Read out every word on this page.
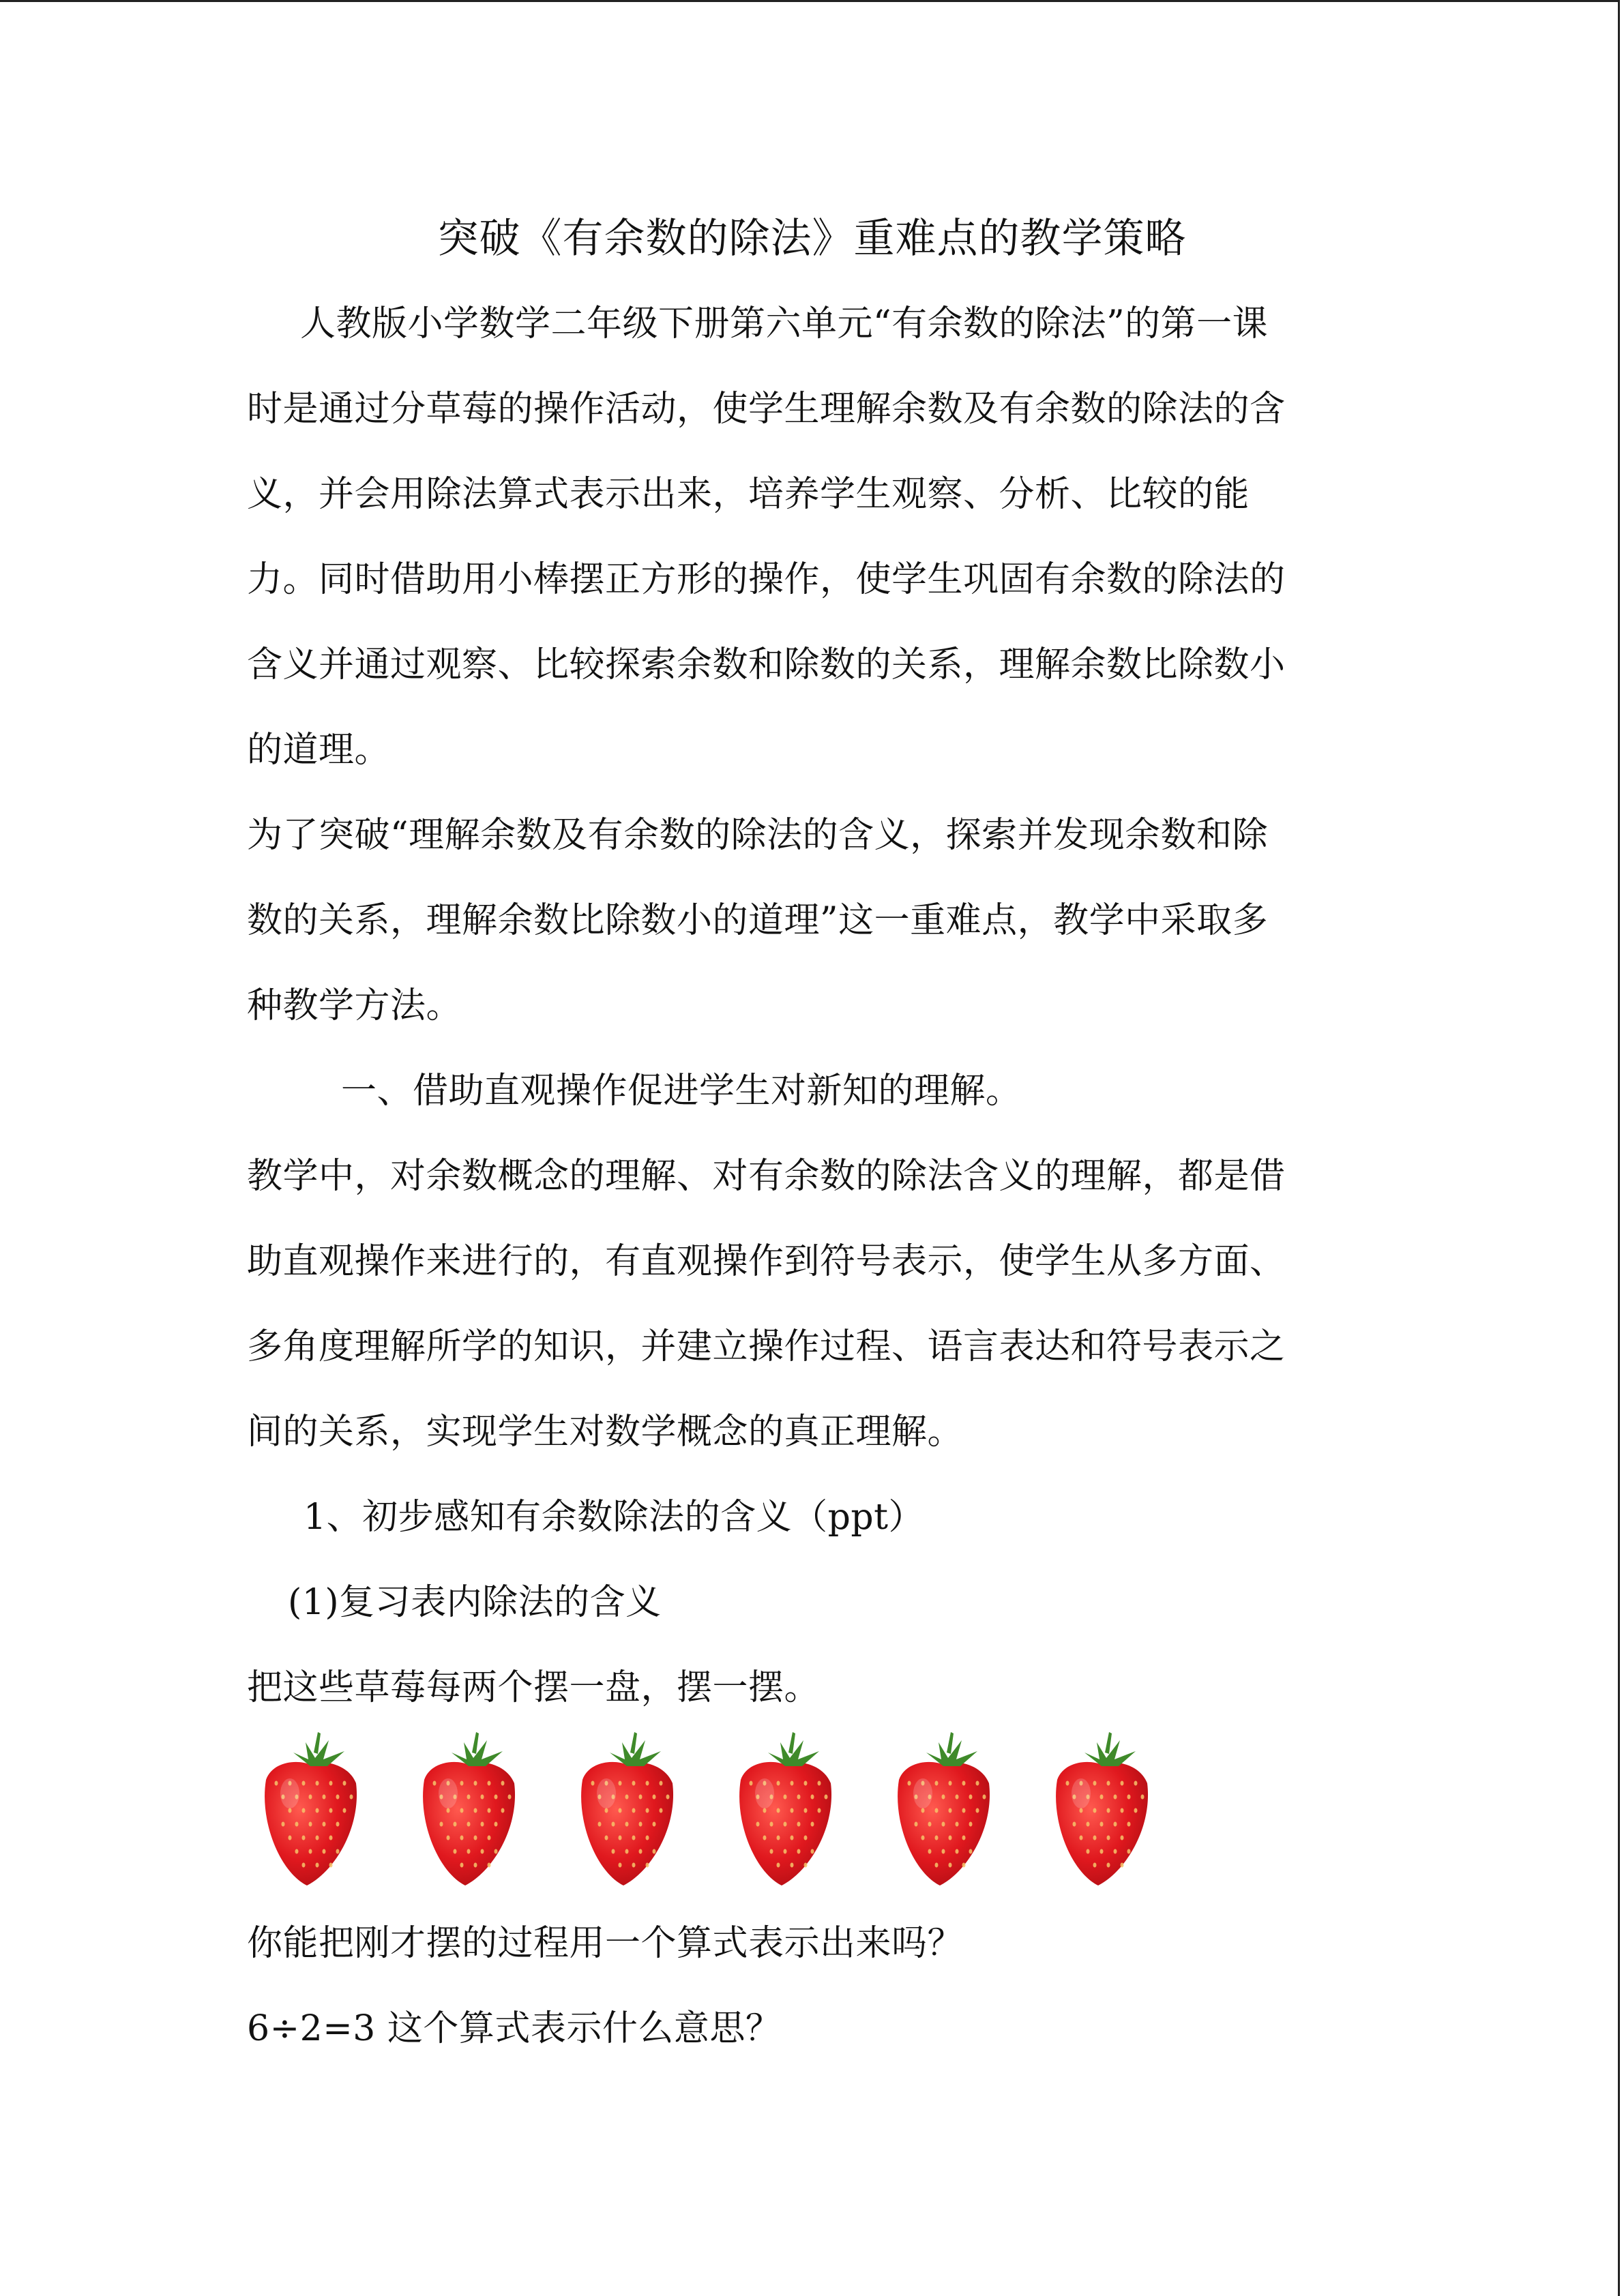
突破《有余数的除法》重难点的教学策略
人教版小学数学二年级下册第六单元“有余数的除法”的第一课
时是通过分草莓的操作活动，使学生理解余数及有余数的除法的含
义，并会用除法算式表示出来，培养学生观察、分析、比较的能
力。同时借助用小棒摆正方形的操作，使学生巩固有余数的除法的
含义并通过观察、比较探索余数和除数的关系，理解余数比除数小
的道理。
为了突破“理解余数及有余数的除法的含义，探索并发现余数和除
数的关系，理解余数比除数小的道理”这一重难点，教学中采取多
种教学方法。
一、借助直观操作促进学生对新知的理解。
教学中，对余数概念的理解、对有余数的除法含义的理解，都是借
助直观操作来进行的，有直观操作到符号表示，使学生从多方面、
多角度理解所学的知识，并建立操作过程、语言表达和符号表示之
间的关系，实现学生对数学概念的真正理解。
1、初步感知有余数除法的含义（ppt）
(1)复习表内除法的含义
把这些草莓每两个摆一盘，摆一摆。
你能把刚才摆的过程用一个算式表示出来吗？
6÷2=3 这个算式表示什么意思？
